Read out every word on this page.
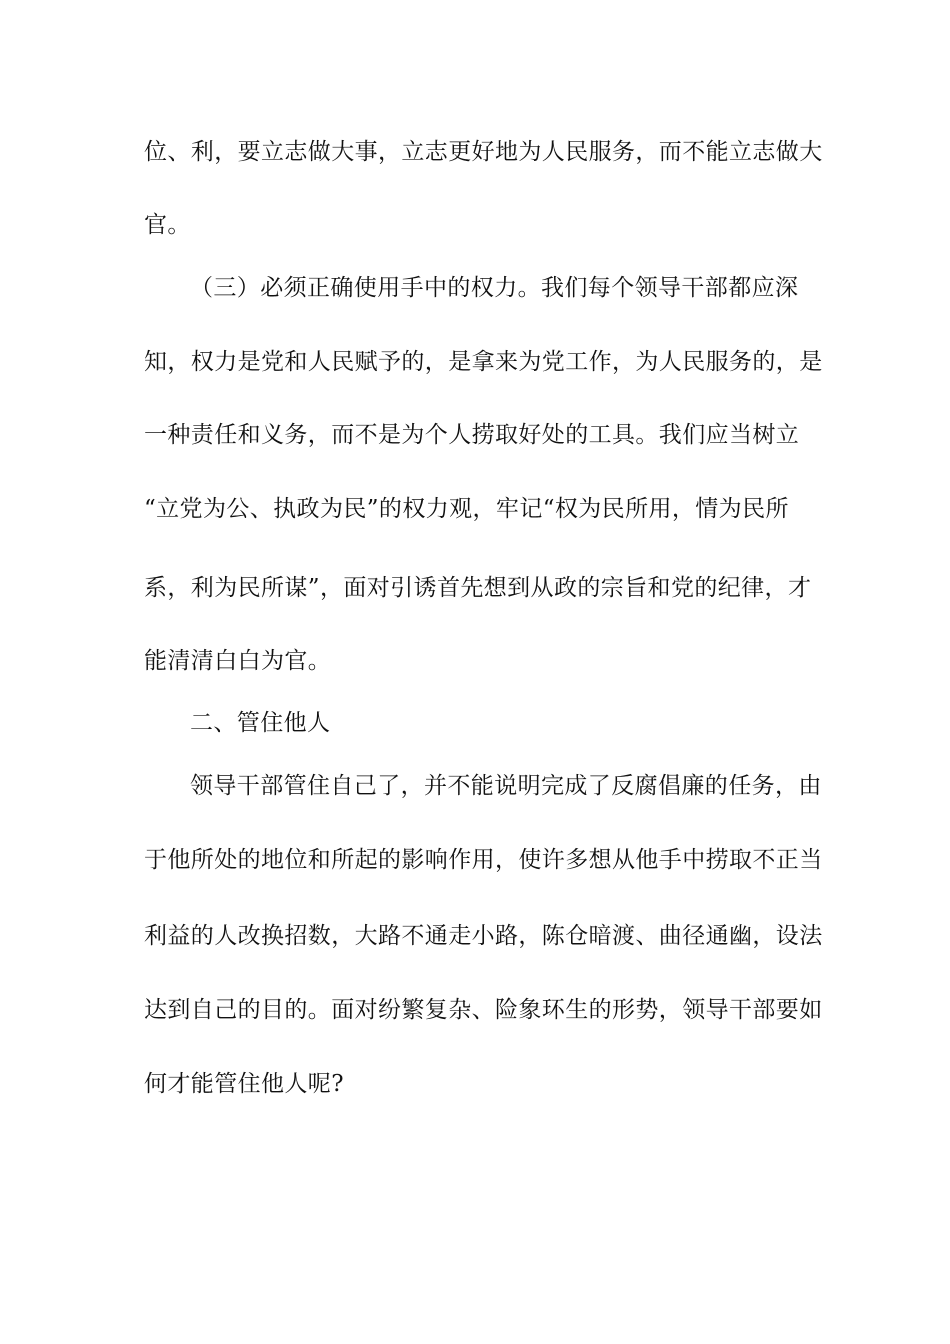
位、利，要立志做大事，立志更好地为人民服务，而不能立志做大
官。
（三）必须正确使用手中的权力。我们每个领导干部都应深
知，权力是党和人民赋予的，是拿来为党工作，为人民服务的，是
一种责任和义务，而不是为个人捞取好处的工具。我们应当树立
“立党为公、执政为民”的权力观，牢记“权为民所用，情为民所
系，利为民所谋”，面对引诱首先想到从政的宗旨和党的纪律，才
能清清白白为官。
二、管住他人
领导干部管住自己了，并不能说明完成了反腐倡廉的任务，由
于他所处的地位和所起的影响作用，使许多想从他手中捞取不正当
利益的人改换招数，大路不通走小路，陈仓暗渡、曲径通幽，设法
达到自己的目的。面对纷繁复杂、险象环生的形势，领导干部要如
何才能管住他人呢?
